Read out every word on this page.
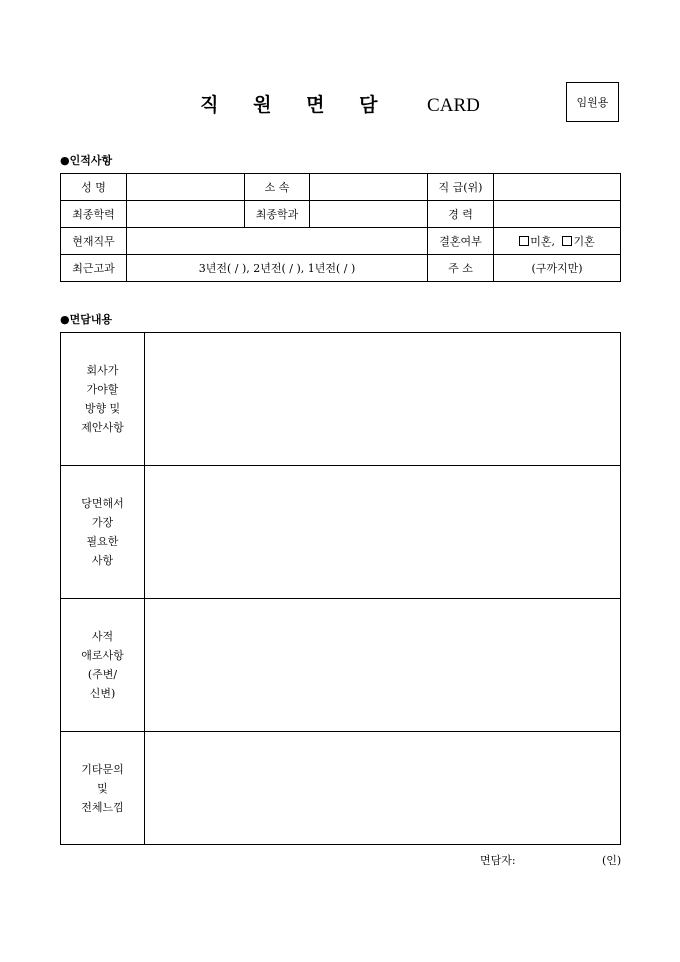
직 원 면 담 CARD	임원용
●인적사항
성 명		소 속		직 급(위)	
최종학력		최종학과		경 력	
현재직무				결혼여부	미혼, 기혼
최근고과	3년전( / ), 2년전( / ), 1년전( / )			주 소	(구까지만)
●면담내용
회사가
가야할
방향 및
제안사항	

당면해서
가장
필요한
사항	

사적
애로사항
(주변/
신변)	

기타문의
및
전체느낌	

면담자:	(인)
